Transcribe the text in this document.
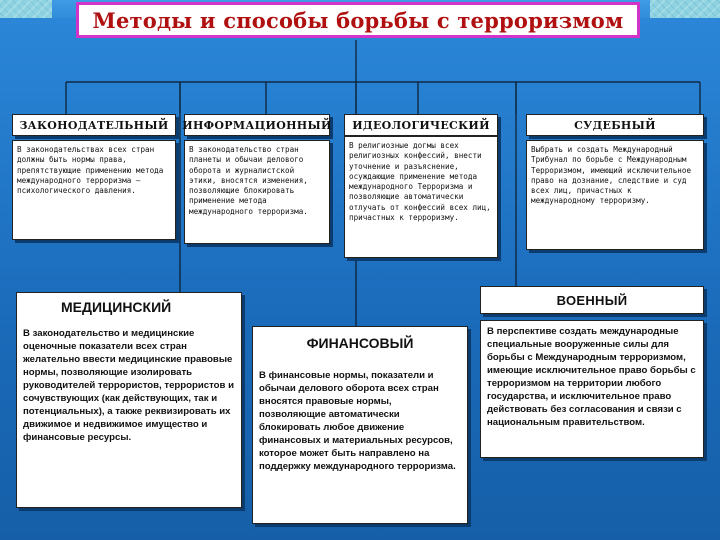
Методы и способы борьбы с терроризмом
ЗАКОНОДАТЕЛЬНЫЙ	ИНФОРМАЦИОННЫЙ	ИДЕОЛОГИЧЕСКИЙ	СУДЕБНЫЙ
В законодательствах всех стран должны быть нормы права, препятствующие применению метода международного терроризма – психологического давления.
В законодательство стран планеты и обычаи делового оборота и журналистской этики, вносятся изменения, позволяющие блокировать применение метода международного терроризма.
В религиозные догмы всех религиозных конфессий, внести уточнение и разъяснение, осуждающие применение метода международного Терроризма и позволяющие автоматически отлучать от конфессий всех лиц, причастных к терроризму.
Выбрать и создать Международный Трибунал по борьбе с Международным Терроризмом, имеющий исключительное право на дознание, следствие и суд всех лиц, причастных к международному терроризму.
МЕДИЦИНСКИЙ
В законодательство и медицинские оценочные показатели всех стран желательно ввести медицинские правовые нормы, позволяющие изолировать руководителей террористов, террористов и сочувствующих (как действующих, так и потенциальных), а также реквизировать их движимое и недвижимое имущество и финансовые ресурсы.
ФИНАНСОВЫЙ
В финансовые нормы, показатели и обычаи делового оборота всех стран вносятся правовые нормы, позволяющие автоматически блокировать любое движение финансовых и материальных ресурсов, которое может быть направлено на поддержку международного терроризма.
ВОЕННЫЙ
В перспективе создать международные специальные вооруженные силы для борьбы с Международным терроризмом, имеющие исключительное право борьбы с терроризмом на территории любого государства, и исключительное право действовать без согласования и связи с национальным правительством.
